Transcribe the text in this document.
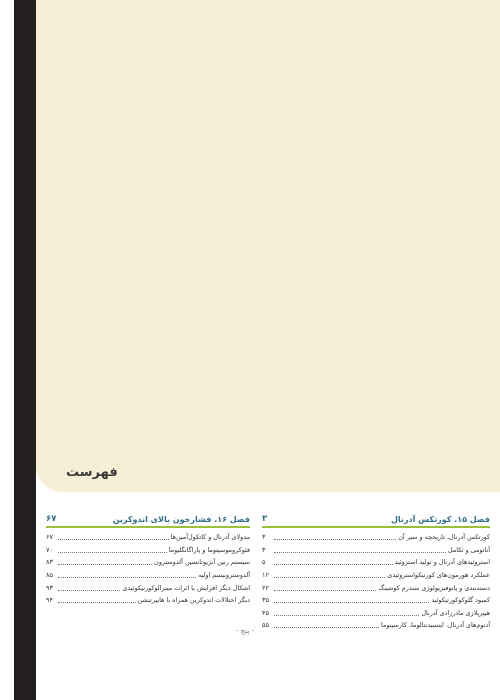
فهرست
فصل ۱۵. کورتکس آدرنال
۳
کورتکس آدرنال، تاریخچه و سیر آن
۳
آناتومی و تکامل
۳
استروئیدهای آدرنال و تولید استروئید
۵
عملکرد هورمون‌های کورتیکواستروئیدی
۱۲
دسته‌بندی و پاتوفیزیولوژی سندرم کوشینگ
۲۲
کمبود گلوکوکورتیکوئید
۳۵
هیپرپلازی مادرزادی آدرنال
۴۵
آدنوم‌های آدرنال، اینسیدنتالوما، کارسینوما
۵۵
فصل ۱۶. فشارخون بالای اندوکرین
۶۷
مدولای آدرنال و کاتکول‌آمین‌ها
۶۷
فئوکروموسیتوما و پاراگانگلیوما
۷۰
سیستم رنین آنژیوتانسین آلدوسترون
۸۳
آلدوسترونیسم اولیه
۸۵
اشکال دیگر افزایش یا اثرات مینرالوکورتیکوئیدی
۹۳
دیگر اختلالات اندوکرین همراه با هایپرتنشن
۹۴
- پنج -
